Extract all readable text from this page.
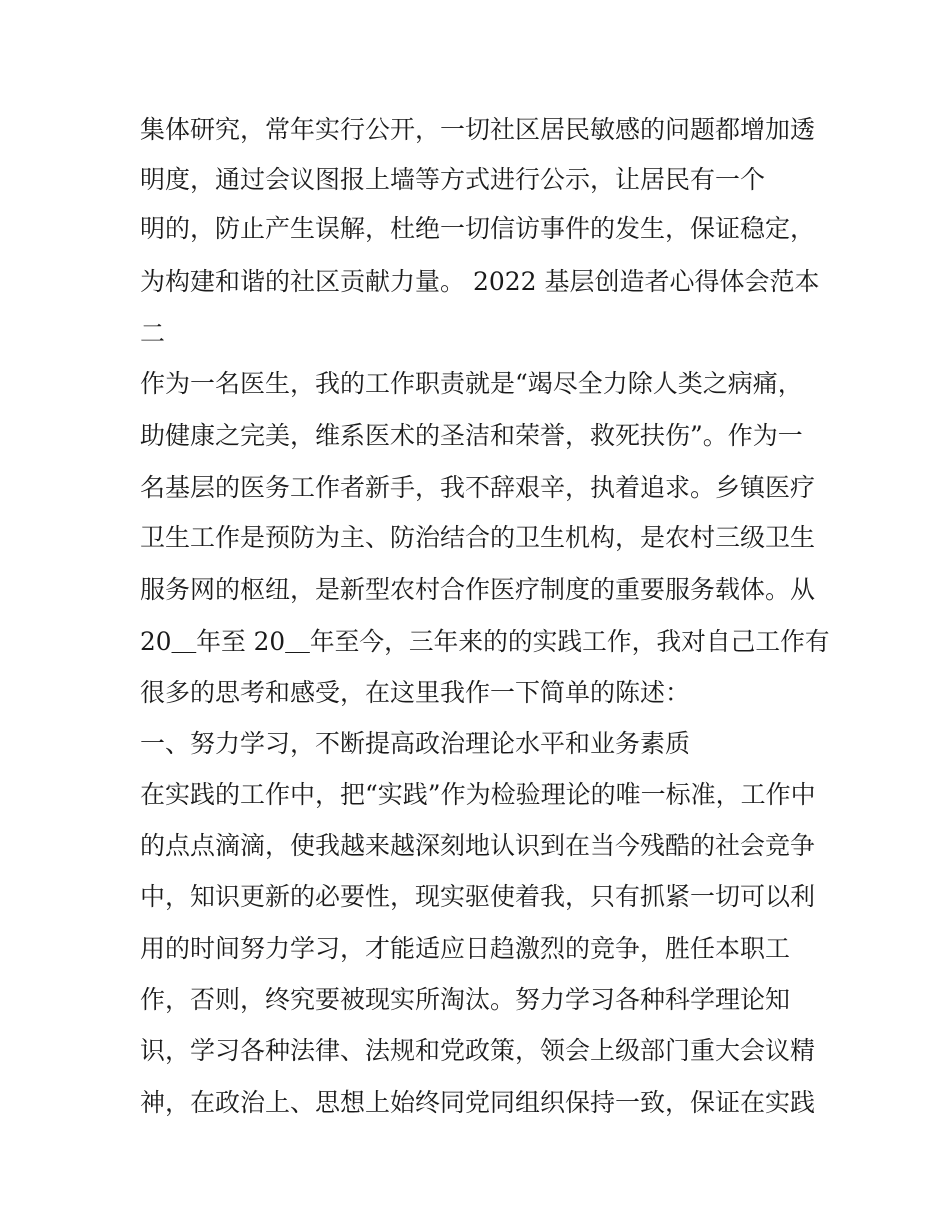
集体研究，常年实行公开，一切社区居民敏感的问题都增加透
明度，通过会议图报上墙等方式进行公示，让居民有一个
明的，防止产生误解，杜绝一切信访事件的发生，保证稳定，
为构建和谐的社区贡献力量。 2022 基层创造者心得体会范本
二
作为一名医生，我的工作职责就是“竭尽全力除人类之病痛，
助健康之完美，维系医术的圣洁和荣誉，救死扶伤”。作为一
名基层的医务工作者新手，我不辞艰辛，执着追求。乡镇医疗
卫生工作是预防为主、防治结合的卫生机构，是农村三级卫生
服务网的枢纽，是新型农村合作医疗制度的重要服务载体。从
20＿年至 20＿年至今，三年来的的实践工作，我对自己工作有
很多的思考和感受，在这里我作一下简单的陈述：
一、努力学习，不断提高政治理论水平和业务素质
在实践的工作中，把“实践”作为检验理论的唯一标准，工作中
的点点滴滴，使我越来越深刻地认识到在当今残酷的社会竞争
中，知识更新的必要性，现实驱使着我，只有抓紧一切可以利
用的时间努力学习，才能适应日趋激烈的竞争，胜任本职工
作，否则，终究要被现实所淘汰。努力学习各种科学理论知
识，学习各种法律、法规和党政策，领会上级部门重大会议精
神，在政治上、思想上始终同党同组织保持一致，保证在实践
